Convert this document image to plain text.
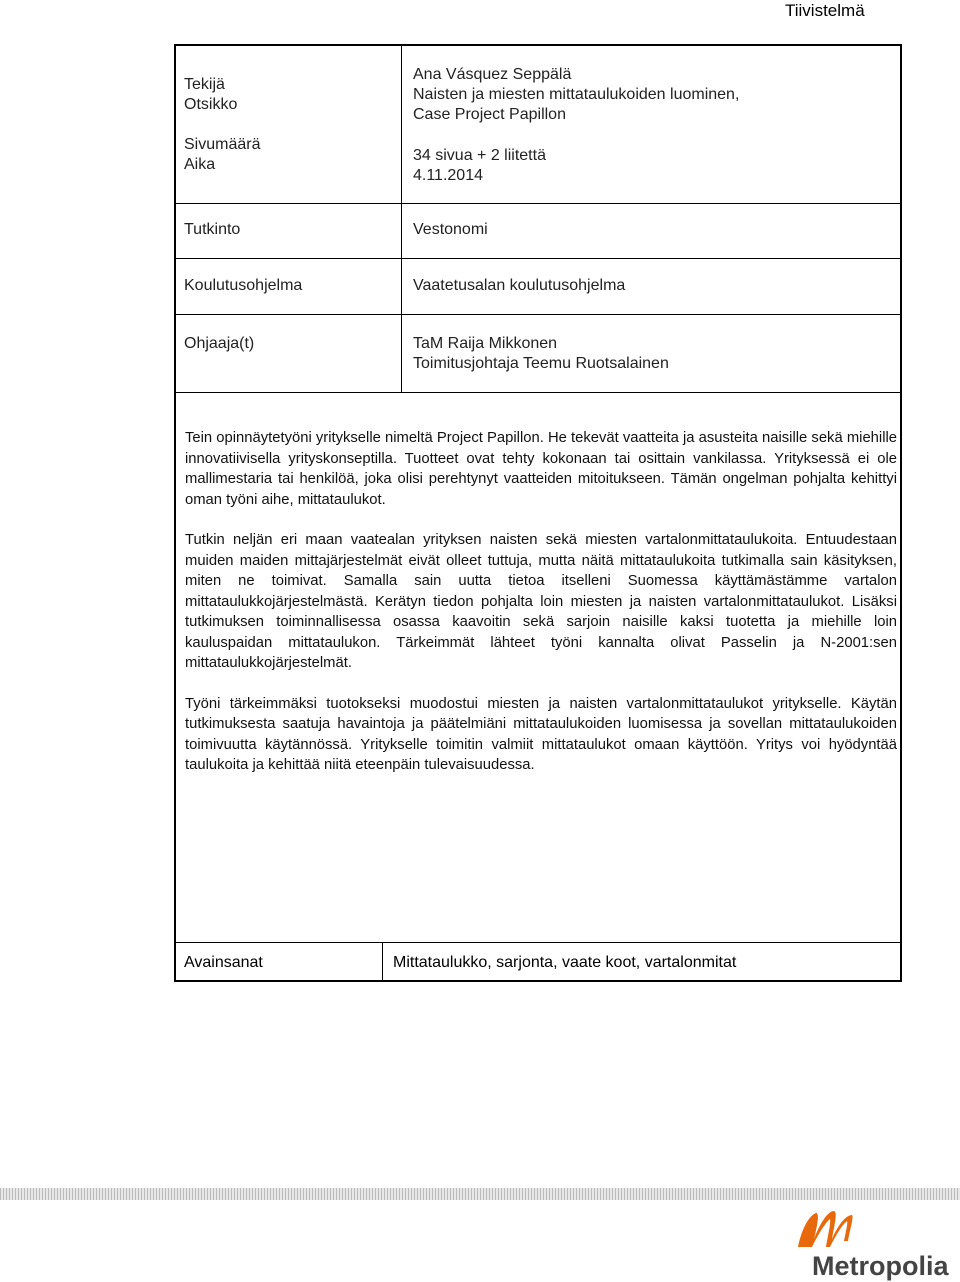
Tiivistelmä
Tekijä
Otsikko
Sivumäärä
Aika
Tutkinto
Koulutusohjelma
Ohjaaja(t)
Ana Vásquez Seppälä
Naisten ja miesten mittataulukoiden luominen,
Case Project Papillon
34 sivua + 2 liitettä
4.11.2014
Vestonomi
Vaatetusalan koulutusohjelma
TaM Raija Mikkonen
Toimitusjohtaja Teemu Ruotsalainen

Tein opinnäytetyöni yritykselle nimeltä Project Papillon. He tekevät vaatteita ja asusteita naisille sekä miehille innovatiivisella yrityskonseptilla. Tuotteet ovat tehty kokonaan tai osittain vankilassa. Yrityksessä ei ole mallimestaria tai henkilöä, joka olisi perehtynyt vaatteiden mitoitukseen. Tämän ongelman pohjalta kehittyi oman työni aihe, mittataulukot.

Tutkin neljän eri maan vaatealan yrityksen naisten sekä miesten vartalonmittataulukoita. Entuudestaan muiden maiden mittajärjestelmät eivät olleet tuttuja, mutta näitä mittataulukoita tutkimalla sain käsityksen, miten ne toimivat. Samalla sain uutta tietoa itselleni Suomessa käyttämästämme vartalon mittataulukkojärjestelmästä. Kerätyn tiedon pohjalta loin miesten ja naisten vartalonmittataulukot. Lisäksi tutkimuksen toiminnallisessa osassa kaavoitin sekä sarjoin naisille kaksi tuotetta ja miehille loin kauluspaidan mittataulukon. Tärkeimmät lähteet työni kannalta olivat Passelin ja N-2001:sen mittataulukkojärjestelmät.

Työni tärkeimmäksi tuotokseksi muodostui miesten ja naisten vartalonmittataulukot yritykselle. Käytän tutkimuksesta saatuja havaintoja ja päätelmiäni mittataulukoiden luomisessa ja sovellan mittataulukoiden toimivuutta käytännössä. Yritykselle toimitin valmiit mittataulukot omaan käyttöön. Yritys voi hyödyntää taulukoita ja kehittää niitä eteenpäin tulevaisuudessa.

Avainsanat	Mittataulukko, sarjonta, vaate koot, vartalonmitat
Metropolia
